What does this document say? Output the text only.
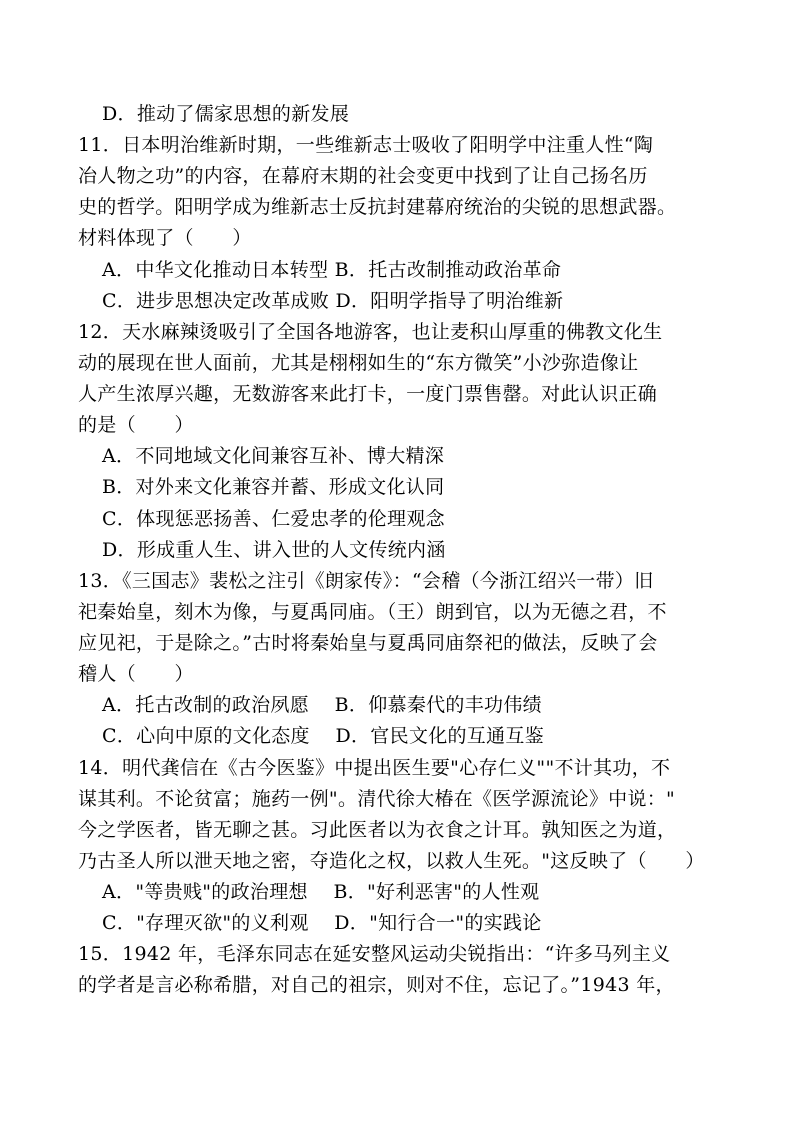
D．推动了儒家思想的新发展
11．日本明治维新时期，一些维新志士吸收了阳明学中注重人性“陶
冶人物之功”的内容，在幕府末期的社会变更中找到了让自己扬名历
史的哲学。阳明学成为维新志士反抗封建幕府统治的尖锐的思想武器。
材料体现了（　　）
A．中华文化推动日本转型 B．托古改制推动政治革命
C．进步思想决定改革成败 D．阳明学指导了明治维新
12．天水麻辣烫吸引了全国各地游客，也让麦积山厚重的佛教文化生
动的展现在世人面前，尤其是栩栩如生的“东方微笑”小沙弥造像让
人产生浓厚兴趣，无数游客来此打卡，一度门票售罄。对此认识正确
的是（　　）
A．不同地域文化间兼容互补、博大精深
B．对外来文化兼容并蓄、形成文化认同
C．体现惩恶扬善、仁爱忠孝的伦理观念
D．形成重人生、讲入世的人文传统内涵
13．《三国志》裴松之注引《朗家传》：“会稽（今浙江绍兴一带）旧
祀秦始皇，刻木为像，与夏禹同庙。（王）朗到官，以为无德之君，不
应见祀，于是除之。”古时将秦始皇与夏禹同庙祭祀的做法，反映了会
稽人（　　）
A．托古改制的政治夙愿　 B．仰慕秦代的丰功伟绩
C．心向中原的文化态度　 D．官民文化的互通互鉴
14．明代龚信在《古今医鉴》中提出医生要"心存仁义""不计其功，不
谋其利。不论贫富；施药一例"。清代徐大椿在《医学源流论》中说："
今之学医者，皆无聊之甚。习此医者以为衣食之计耳。孰知医之为道，
乃古圣人所以泄天地之密，夺造化之权，以救人生死。"这反映了（　　）
A．"等贵贱"的政治理想　 B．"好利恶害"的人性观
C．"存理灭欲"的义利观　 D．"知行合一"的实践论
15．1942 年，毛泽东同志在延安整风运动尖锐指出：“许多马列主义
的学者是言必称希腊，对自己的祖宗，则对不住，忘记了。”1943 年，
